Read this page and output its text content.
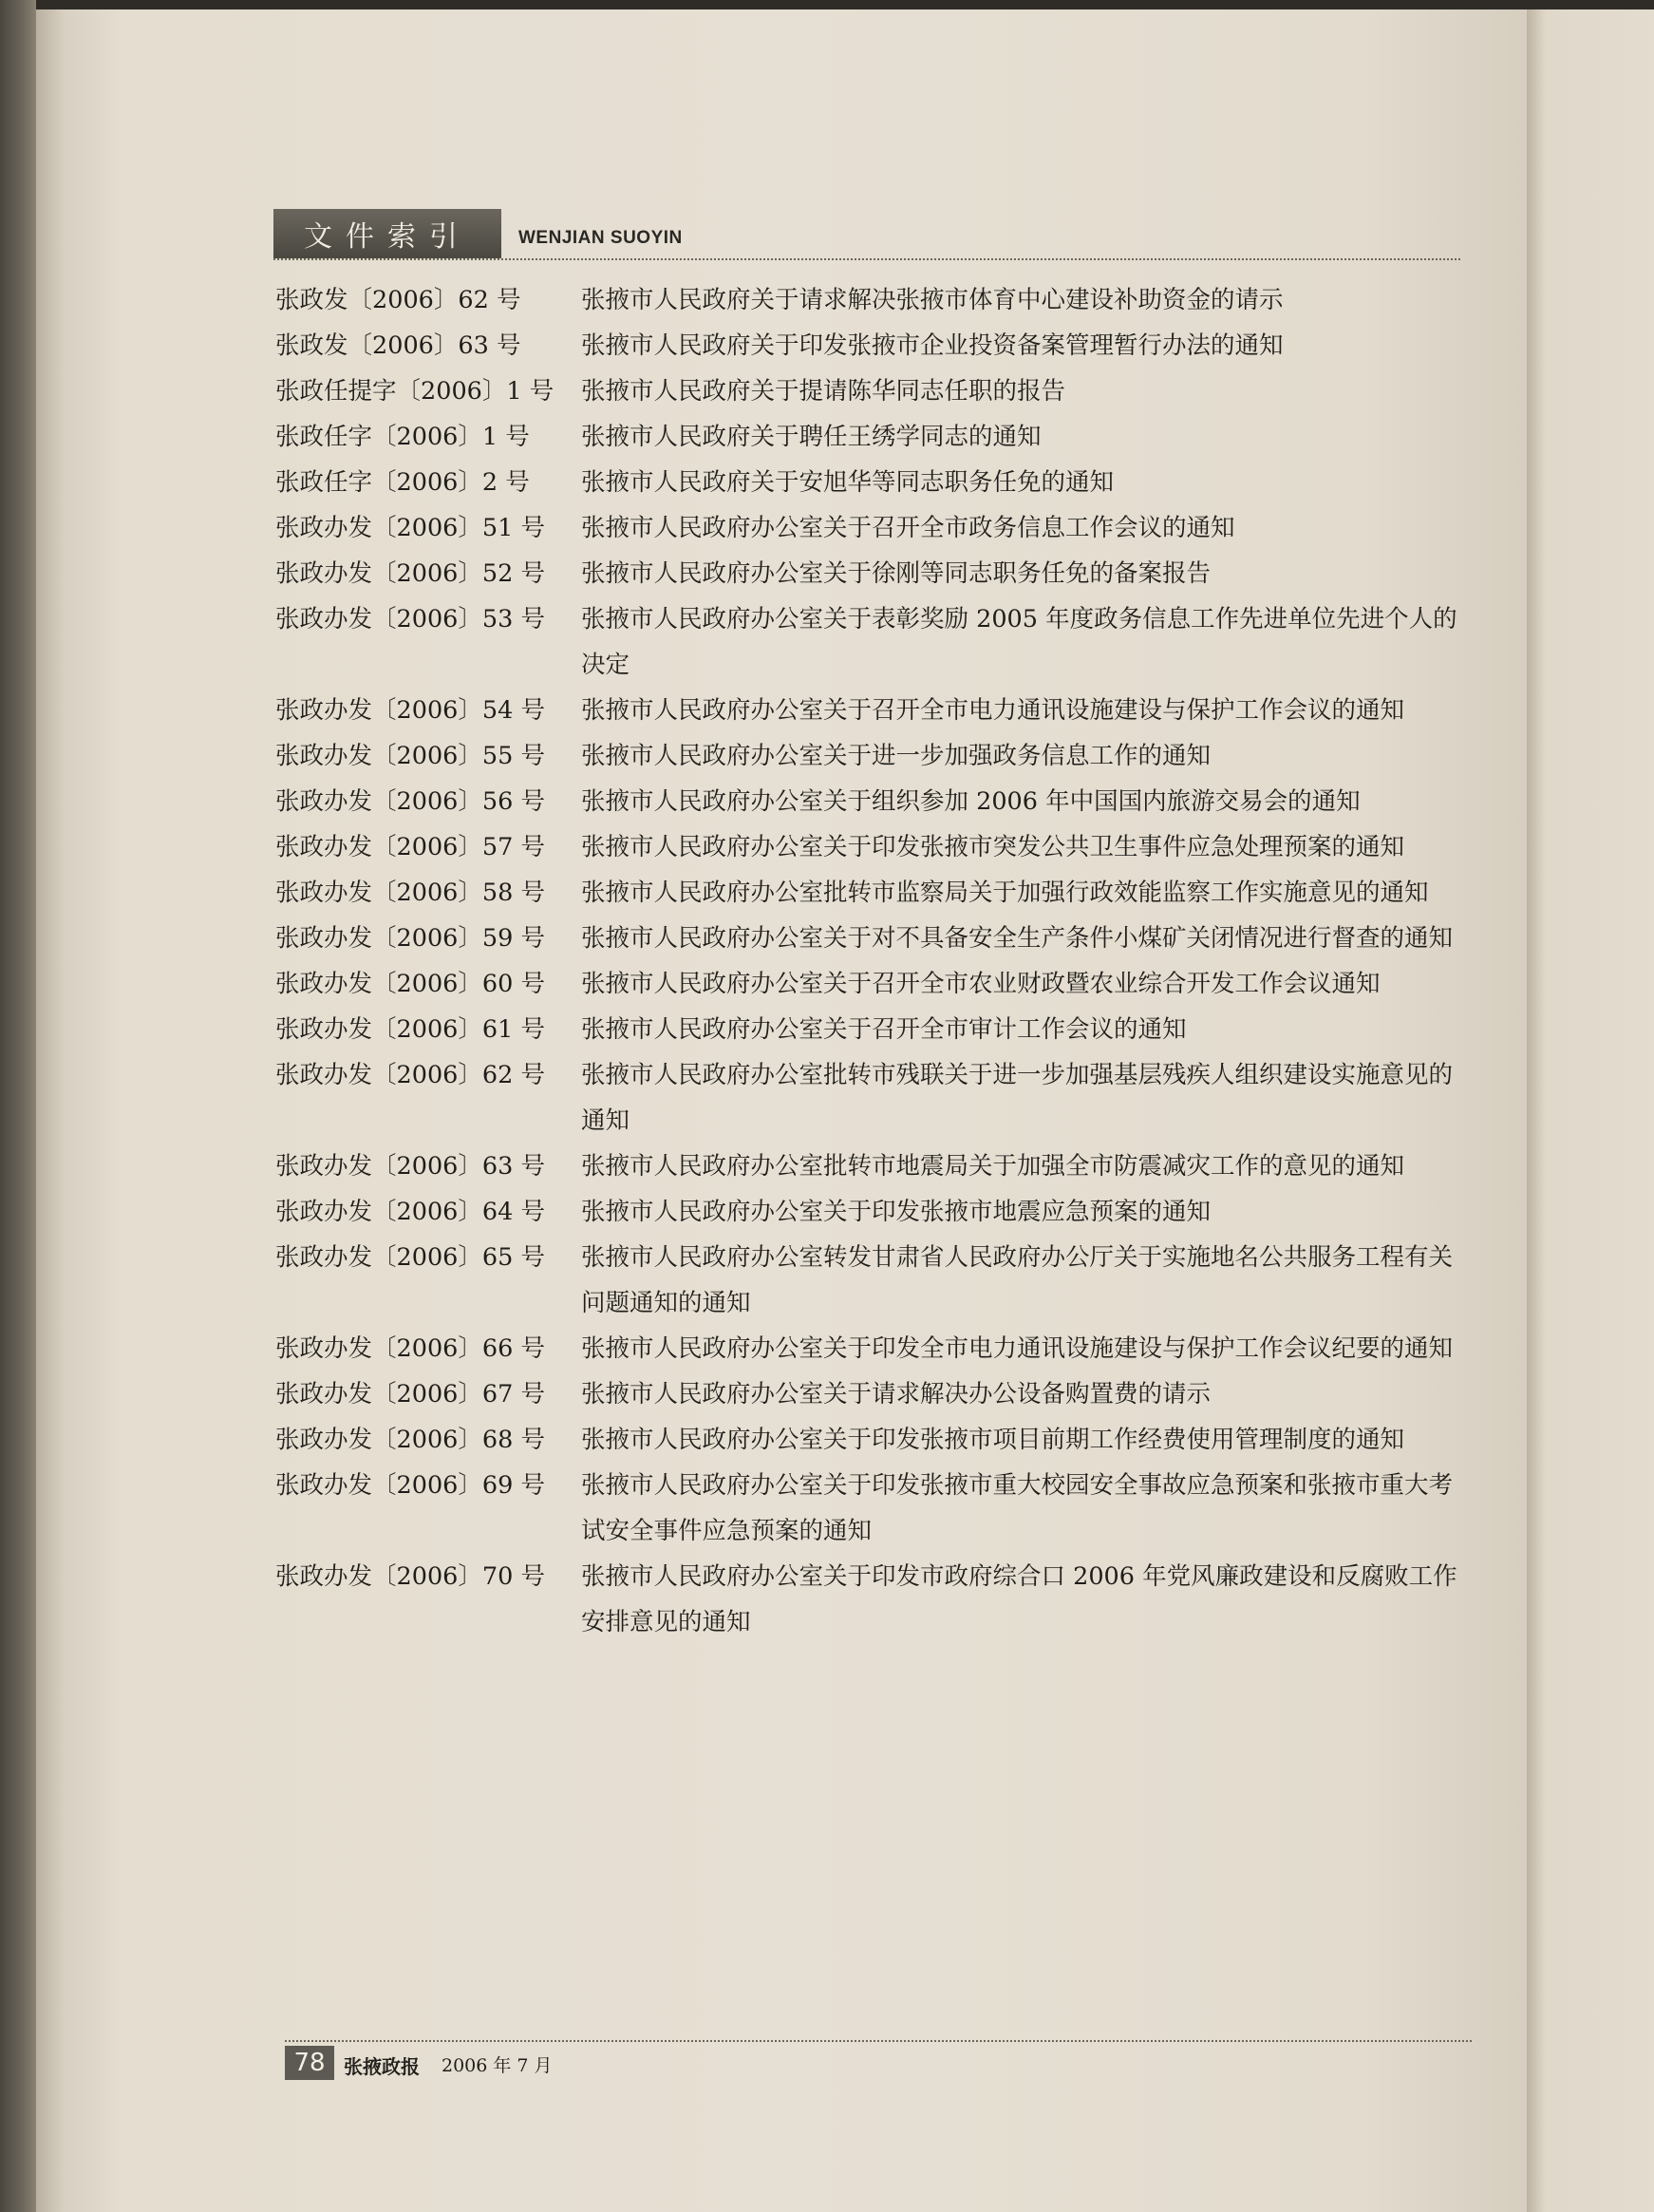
文件索引	WENJIAN SUOYIN
张政发〔2006〕62 号	张掖市人民政府关于请求解决张掖市体育中心建设补助资金的请示
张政发〔2006〕63 号	张掖市人民政府关于印发张掖市企业投资备案管理暂行办法的通知
张政任提字〔2006〕1 号	张掖市人民政府关于提请陈华同志任职的报告
张政任字〔2006〕1 号	张掖市人民政府关于聘任王绣学同志的通知
张政任字〔2006〕2 号	张掖市人民政府关于安旭华等同志职务任免的通知
张政办发〔2006〕51 号	张掖市人民政府办公室关于召开全市政务信息工作会议的通知
张政办发〔2006〕52 号	张掖市人民政府办公室关于徐刚等同志职务任免的备案报告
张政办发〔2006〕53 号	张掖市人民政府办公室关于表彰奖励 2005 年度政务信息工作先进单位先进个人的决定
张政办发〔2006〕54 号	张掖市人民政府办公室关于召开全市电力通讯设施建设与保护工作会议的通知
张政办发〔2006〕55 号	张掖市人民政府办公室关于进一步加强政务信息工作的通知
张政办发〔2006〕56 号	张掖市人民政府办公室关于组织参加 2006 年中国国内旅游交易会的通知
张政办发〔2006〕57 号	张掖市人民政府办公室关于印发张掖市突发公共卫生事件应急处理预案的通知
张政办发〔2006〕58 号	张掖市人民政府办公室批转市监察局关于加强行政效能监察工作实施意见的通知
张政办发〔2006〕59 号	张掖市人民政府办公室关于对不具备安全生产条件小煤矿关闭情况进行督查的通知
张政办发〔2006〕60 号	张掖市人民政府办公室关于召开全市农业财政暨农业综合开发工作会议通知
张政办发〔2006〕61 号	张掖市人民政府办公室关于召开全市审计工作会议的通知
张政办发〔2006〕62 号	张掖市人民政府办公室批转市残联关于进一步加强基层残疾人组织建设实施意见的通知
张政办发〔2006〕63 号	张掖市人民政府办公室批转市地震局关于加强全市防震减灾工作的意见的通知
张政办发〔2006〕64 号	张掖市人民政府办公室关于印发张掖市地震应急预案的通知
张政办发〔2006〕65 号	张掖市人民政府办公室转发甘肃省人民政府办公厅关于实施地名公共服务工程有关问题通知的通知
张政办发〔2006〕66 号	张掖市人民政府办公室关于印发全市电力通讯设施建设与保护工作会议纪要的通知
张政办发〔2006〕67 号	张掖市人民政府办公室关于请求解决办公设备购置费的请示
张政办发〔2006〕68 号	张掖市人民政府办公室关于印发张掖市项目前期工作经费使用管理制度的通知
张政办发〔2006〕69 号	张掖市人民政府办公室关于印发张掖市重大校园安全事故应急预案和张掖市重大考试安全事件应急预案的通知
张政办发〔2006〕70 号	张掖市人民政府办公室关于印发市政府综合口 2006 年党风廉政建设和反腐败工作安排意见的通知
78 张掖政报 2006 年 7 月
